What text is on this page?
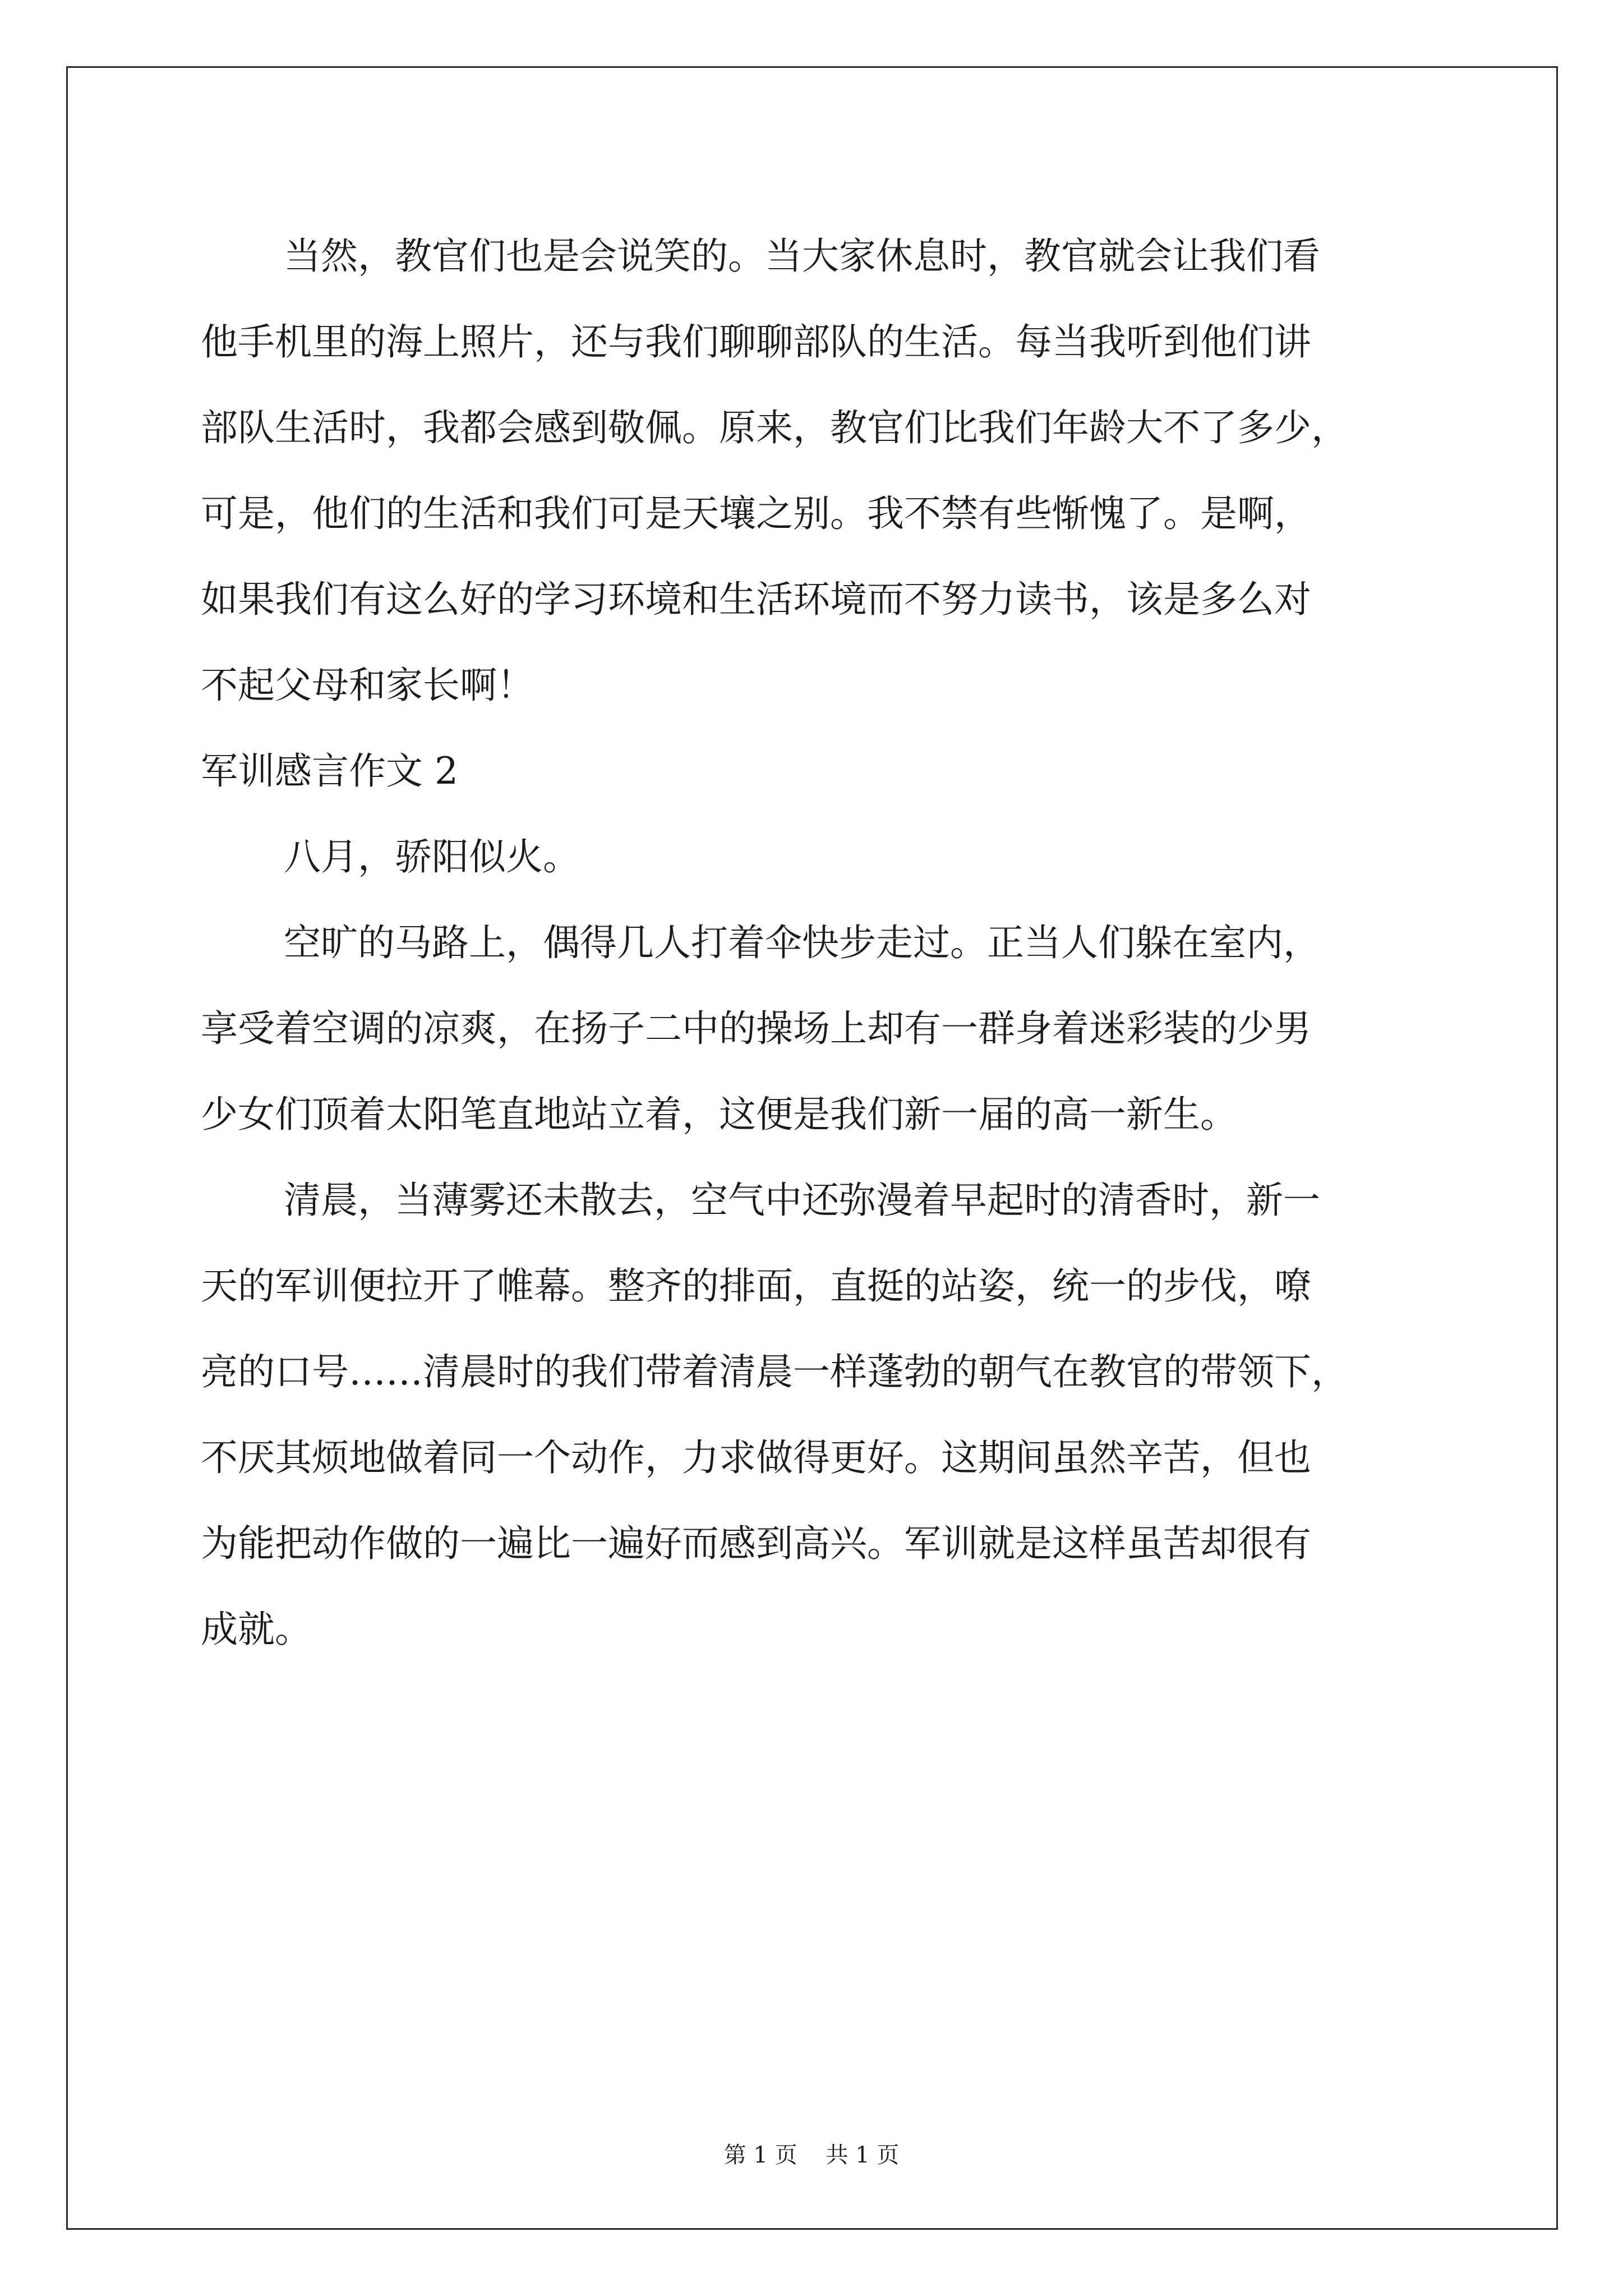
当然，教官们也是会说笑的。当大家休息时，教官就会让我们看
他手机里的海上照片，还与我们聊聊部队的生活。每当我听到他们讲
部队生活时，我都会感到敬佩。原来，教官们比我们年龄大不了多少，
可是，他们的生活和我们可是天壤之别。我不禁有些惭愧了。是啊，
如果我们有这么好的学习环境和生活环境而不努力读书，该是多么对
不起父母和家长啊！
军训感言作文 2
八月，骄阳似火。
空旷的马路上，偶得几人打着伞快步走过。正当人们躲在室内，
享受着空调的凉爽，在扬子二中的操场上却有一群身着迷彩装的少男
少女们顶着太阳笔直地站立着，这便是我们新一届的高一新生。
清晨，当薄雾还未散去，空气中还弥漫着早起时的清香时，新一
天的军训便拉开了帷幕。整齐的排面，直挺的站姿，统一的步伐，嘹
亮的口号……清晨时的我们带着清晨一样蓬勃的朝气在教官的带领下，
不厌其烦地做着同一个动作，力求做得更好。这期间虽然辛苦，但也
为能把动作做的一遍比一遍好而感到高兴。军训就是这样虽苦却很有
成就。
第 1 页    共 1 页
